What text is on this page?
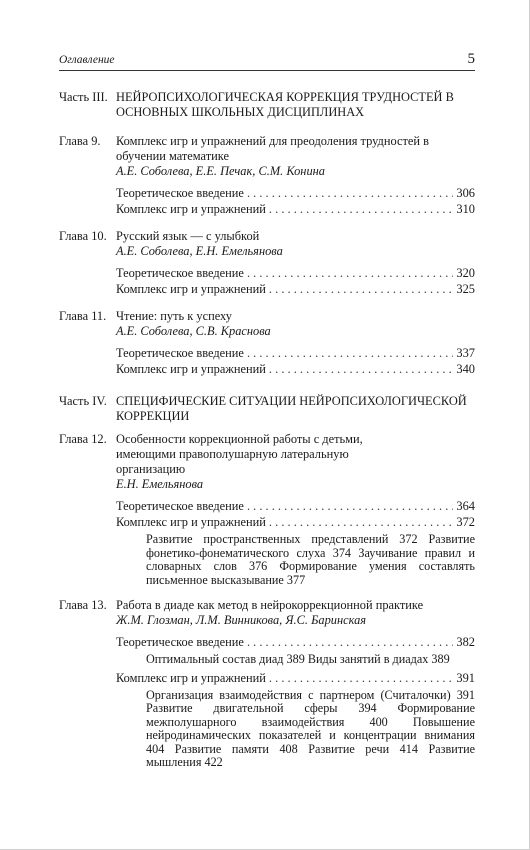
Оглавление	5
Часть III. НЕЙРОПСИХОЛОГИЧЕСКАЯ КОРРЕКЦИЯ ТРУДНОСТЕЙ В ОСНОВНЫХ ШКОЛЬНЫХ ДИСЦИПЛИНАХ
Глава 9.	Комплекс игр и упражнений для преодоления трудностей в обучении математике
А.Е. Соболева, Е.Е. Печак, С.М. Конина
Теоретическое введение . . .	306
Комплекс игр и упражнений . . .	310
Глава 10. Русский язык — с улыбкой
А.Е. Соболева, Е.Н. Емельянова
Теоретическое введение . . .	320
Комплекс игр и упражнений . . .	325
Глава 11. Чтение: путь к успеху
А.Е. Соболева, С.В. Краснова
Теоретическое введение . . .	337
Комплекс игр и упражнений . . .	340
Часть IV. СПЕЦИФИЧЕСКИЕ СИТУАЦИИ НЕЙРОПСИХОЛОГИЧЕСКОЙ КОРРЕКЦИИ
Глава 12. Особенности коррекционной работы с детьми, имеющими правополушарную латеральную организацию
Е.Н. Емельянова
Теоретическое введение . . .	364
Комплекс игр и упражнений . . .	372
Развитие пространственных представлений 372 Развитие фонетико-фонематического слуха 374 Заучивание правил и словарных слов 376 Формирование умения составлять письменное высказывание 377
Глава 13. Работа в диаде как метод в нейрокоррекционной практике
Ж.М. Глозман, Л.М. Винникова, Я.С. Баринская
Теоретическое введение . . .	382
Оптимальный состав диад 389 Виды занятий в диадах 389
Комплекс игр и упражнений . . .	391
Организация взаимодействия с партнером (Считалочки) 391 Развитие двигательной сферы 394 Формирование межполушарного взаимодействия 400 Повышение нейродинамических показателей и концентрации внимания 404 Развитие памяти 408 Развитие речи 414 Развитие мышления 422
